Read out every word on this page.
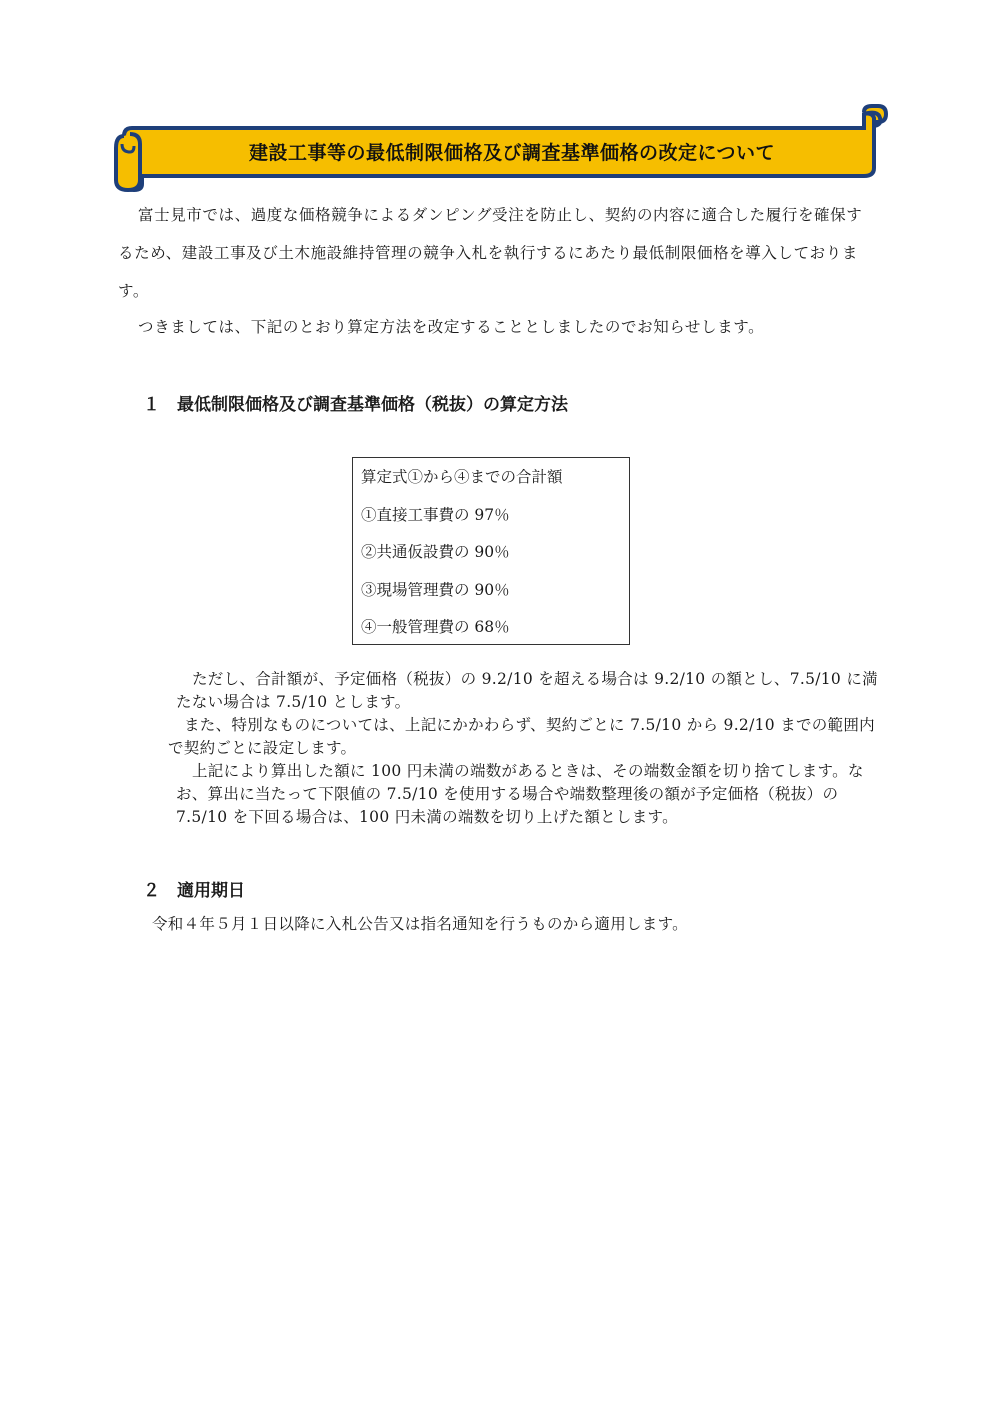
建設工事等の最低制限価格及び調査基準価格の改定について

富士見市では、過度な価格競争によるダンピング受注を防止し、契約の内容に適合した履行を確保するため、建設工事及び土木施設維持管理の競争入札を執行するにあたり最低制限価格を導入しております。

つきましては、下記のとおり算定方法を改定することとしましたのでお知らせします。

１ 最低制限価格及び調査基準価格（税抜）の算定方法
算定式①から④までの合計額
①直接工事費の 97％
②共通仮設費の 90％
③現場管理費の 90％
④一般管理費の 68％

ただし、合計額が、予定価格（税抜）の 9.2/10 を超える場合は 9.2/10 の額とし、7.5/10 に満たない場合は 7.5/10 とします。

また、特別なものについては、上記にかかわらず、契約ごとに 7.5/10 から 9.2/10 までの範囲内で契約ごとに設定します。

上記により算出した額に 100 円未満の端数があるときは、その端数金額を切り捨てします。なお、算出に当たって下限値の 7.5/10 を使用する場合や端数整理後の額が予定価格（税抜）の 7.5/10 を下回る場合は、100 円未満の端数を切り上げた額とします。

２ 適用期日

令和４年５月１日以降に入札公告又は指名通知を行うものから適用します。
